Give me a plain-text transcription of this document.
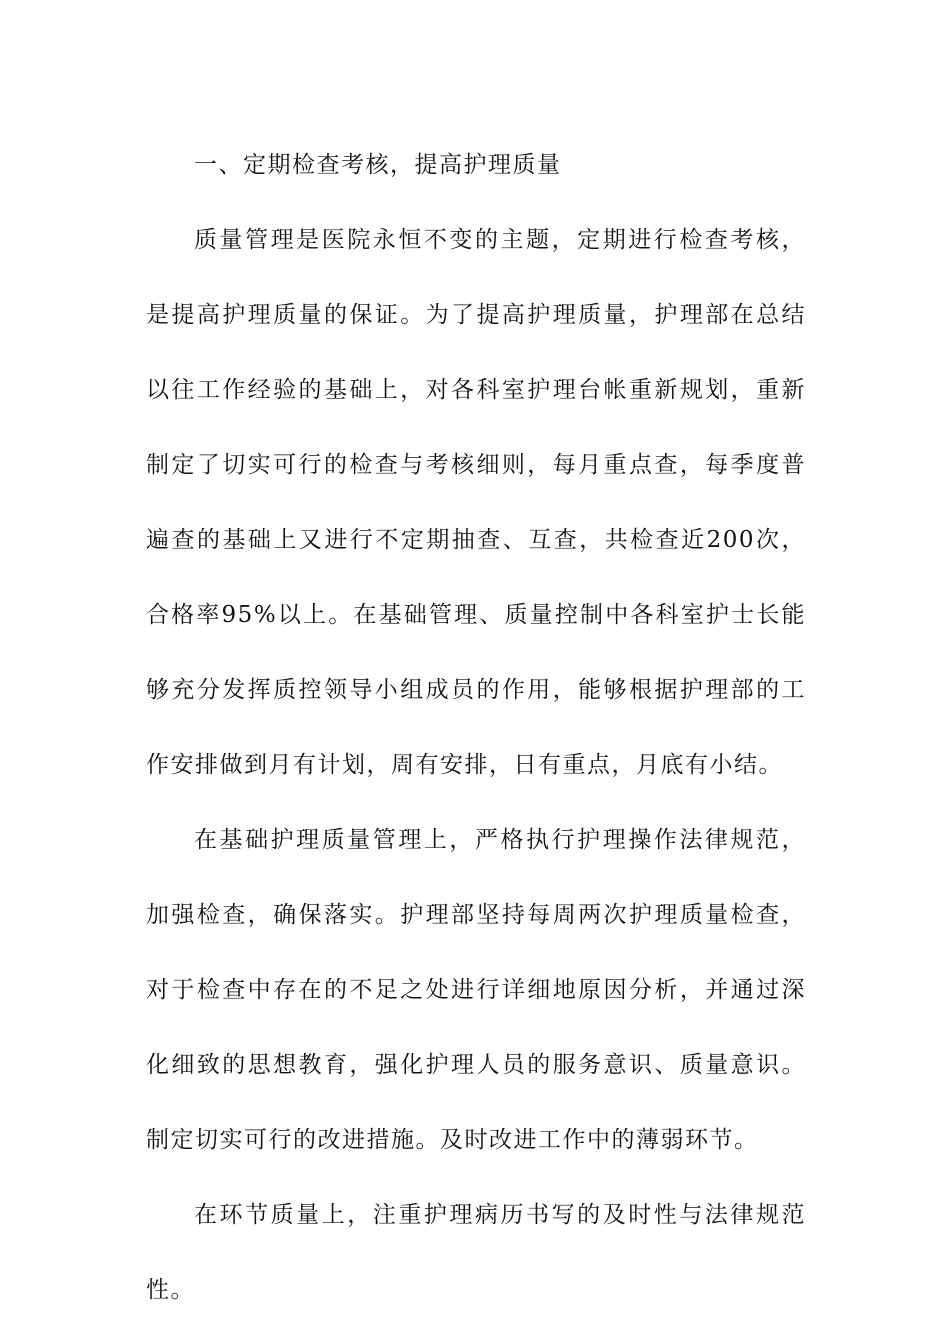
一、定期检查考核，提高护理质量

质量管理是医院永恒不变的主题，定期进行检查考核，是提高护理质量的保证。为了提高护理质量，护理部在总结以往工作经验的基础上，对各科室护理台帐重新规划，重新制定了切实可行的检查与考核细则，每月重点查，每季度普遍查的基础上又进行不定期抽查、互查，共检查近200次，合格率95%以上。在基础管理、质量控制中各科室护士长能够充分发挥质控领导小组成员的作用，能够根据护理部的工作安排做到月有计划，周有安排，日有重点，月底有小结。

在基础护理质量管理上，严格执行护理操作法律规范，加强检查，确保落实。护理部坚持每周两次护理质量检查，对于检查中存在的不足之处进行详细地原因分析，并通过深化细致的思想教育，强化护理人员的服务意识、质量意识。制定切实可行的改进措施。及时改进工作中的薄弱环节。

在环节质量上，注重护理病历书写的及时性与法律规范性。
